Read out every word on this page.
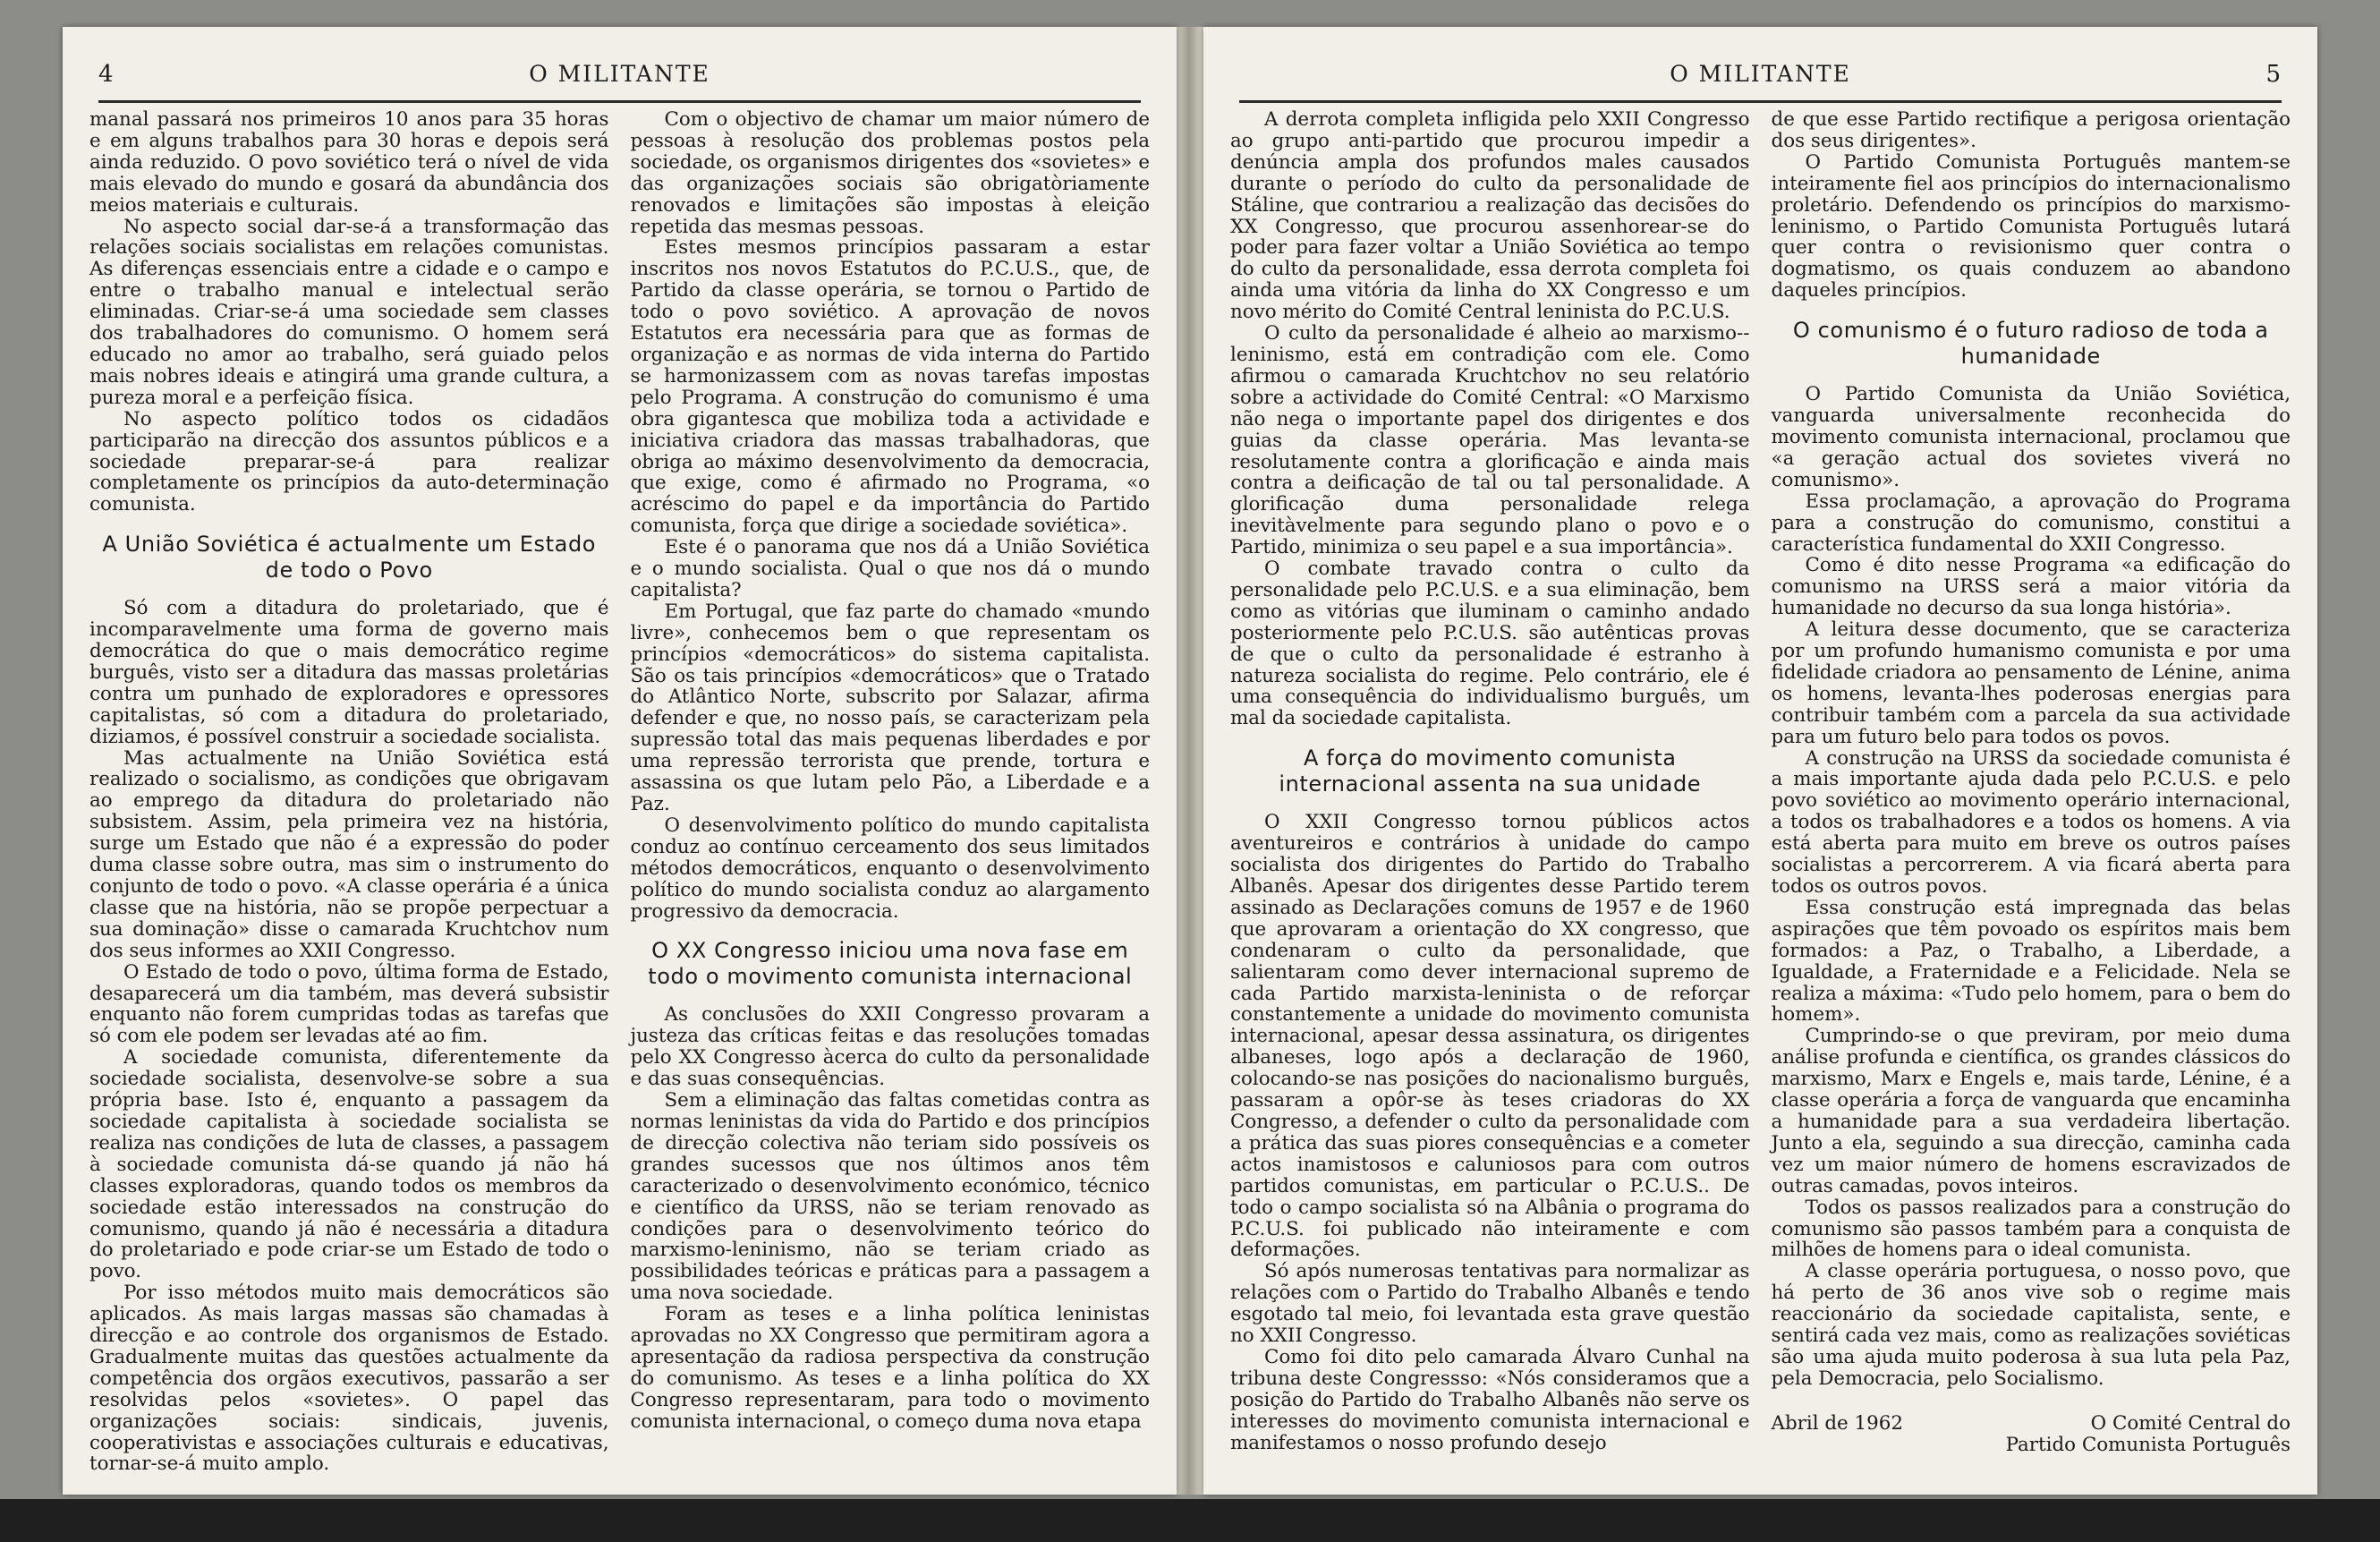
4	O MILITANTE

manal passará nos primeiros 10 anos para 35 horas e em alguns trabalhos para 30 horas e depois será ainda reduzido. O povo soviético terá o nível de vida mais elevado do mundo e gosará da abundância dos meios materiais e culturais.

No aspecto social dar-se-á a transformação das relações sociais socialistas em relações comunistas. As diferenças essenciais entre a cidade e o campo e entre o trabalho manual e intelectual serão eliminadas. Criar-se-á uma sociedade sem classes dos trabalhadores do comunismo. O homem será educado no amor ao trabalho, será guiado pelos mais nobres ideais e atingirá uma grande cultura, a pureza moral e a perfeição física.

No aspecto político todos os cidadãos participarão na direcção dos assuntos públicos e a sociedade preparar-se-á para realizar completamente os princípios da auto-determinação comunista.

A União Soviética é actualmente um Estado de todo o Povo

Só com a ditadura do proletariado, que é incomparavelmente uma forma de governo mais democrática do que o mais democrático regime burguês, visto ser a ditadura das massas proletárias contra um punhado de exploradores e opressores capitalistas, só com a ditadura do proletariado, diziamos, é possível construir a sociedade socialista.

Mas actualmente na União Soviética está realizado o socialismo, as condições que obrigavam ao emprego da ditadura do proletariado não subsistem. Assim, pela primeira vez na história, surge um Estado que não é a expressão do poder duma classe sobre outra, mas sim o instrumento do conjunto de todo o povo. «A classe operária é a única classe que na história, não se propõe perpectuar a sua dominação» disse o camarada Kruchtchov num dos seus informes ao XXII Congresso.

O Estado de todo o povo, última forma de Estado, desaparecerá um dia também, mas deverá subsistir enquanto não forem cumpridas todas as tarefas que só com ele podem ser levadas até ao fim.

A sociedade comunista, diferentemente da sociedade socialista, desenvolve-se sobre a sua própria base. Isto é, enquanto a passagem da sociedade capitalista à sociedade socialista se realiza nas condições de luta de classes, a passagem à sociedade comunista dá-se quando já não há classes exploradoras, quando todos os membros da sociedade estão interessados na construção do comunismo, quando já não é necessária a ditadura do proletariado e pode criar-se um Estado de todo o povo.

Por isso métodos muito mais democráticos são aplicados. As mais largas massas são chamadas à direcção e ao controle dos organismos de Estado. Gradualmente muitas das questões actualmente da competência dos orgãos executivos, passarão a ser resolvidas pelos «sovietes». O papel das organizações sociais: sindicais, juvenis, cooperativistas e associações culturais e educativas, tornar-se-á muito amplo.

Com o objectivo de chamar um maior número de pessoas à resolução dos problemas postos pela sociedade, os organismos dirigentes dos «sovietes» e das organizações sociais são obrigatòriamente renovados e limitações são impostas à eleição repetida das mesmas pessoas.

Estes mesmos princípios passaram a estar inscritos nos novos Estatutos do P.C.U.S., que, de Partido da classe operária, se tornou o Partido de todo o povo soviético. A aprovação de novos Estatutos era necessária para que as formas de organização e as normas de vida interna do Partido se harmonizassem com as novas tarefas impostas pelo Programa. A construção do comunismo é uma obra gigantesca que mobiliza toda a actividade e iniciativa criadora das massas trabalhadoras, que obriga ao máximo desenvolvimento da democracia, que exige, como é afirmado no Programa, «o acréscimo do papel e da importância do Partido comunista, força que dirige a sociedade soviética».

Este é o panorama que nos dá a União Soviética e o mundo socialista. Qual o que nos dá o mundo capitalista?

Em Portugal, que faz parte do chamado «mundo livre», conhecemos bem o que representam os princípios «democráticos» do sistema capitalista. São os tais princípios «democráticos» que o Tratado do Atlântico Norte, subscrito por Salazar, afirma defender e que, no nosso país, se caracterizam pela supressão total das mais pequenas liberdades e por uma repressão terrorista que prende, tortura e assassina os que lutam pelo Pão, a Liberdade e a Paz.

O desenvolvimento político do mundo capitalista conduz ao contínuo cerceamento dos seus limitados métodos democráticos, enquanto o desenvolvimento político do mundo socialista conduz ao alargamento progressivo da democracia.

O XX Congresso iniciou uma nova fase em todo o movimento comunista internacional

As conclusões do XXII Congresso provaram a justeza das críticas feitas e das resoluções tomadas pelo XX Congresso àcerca do culto da personalidade e das suas consequências.

Sem a eliminação das faltas cometidas contra as normas leninistas da vida do Partido e dos princípios de direcção colectiva não teriam sido possíveis os grandes sucessos que nos últimos anos têm caracterizado o desenvolvimento económico, técnico e científico da URSS, não se teriam renovado as condições para o desenvolvimento teórico do marxismo-leninismo, não se teriam criado as possibilidades teóricas e práticas para a passagem a uma nova sociedade.

Foram as teses e a linha política leninistas aprovadas no XX Congresso que permitiram agora a apresentação da radiosa perspectiva da construção do comunismo. As teses e a linha política do XX Congresso representaram, para todo o movimento comunista internacional, o começo duma nova etapa

O MILITANTE	5

A derrota completa infligida pelo XXII Congresso ao grupo anti-partido que procurou impedir a denúncia ampla dos profundos males causados durante o período do culto da personalidade de Stáline, que contrariou a realização das decisões do XX Congresso, que procurou assenhorear-se do poder para fazer voltar a União Soviética ao tempo do culto da personalidade, essa derrota completa foi ainda uma vitória da linha do XX Congresso e um novo mérito do Comité Central leninista do P.C.U.S.

O culto da personalidade é alheio ao marxismo--leninismo, está em contradição com ele. Como afirmou o camarada Kruchtchov no seu relatório sobre a actividade do Comité Central: «O Marxismo não nega o importante papel dos dirigentes e dos guias da classe operária. Mas levanta-se resolutamente contra a glorificação e ainda mais contra a deificação de tal ou tal personalidade. A glorificação duma personalidade relega inevitàvelmente para segundo plano o povo e o Partido, minimiza o seu papel e a sua importância».

O combate travado contra o culto da personalidade pelo P.C.U.S. e a sua eliminação, bem como as vitórias que iluminam o caminho andado posteriormente pelo P.C.U.S. são autênticas provas de que o culto da personalidade é estranho à natureza socialista do regime. Pelo contrário, ele é uma consequência do individualismo burguês, um mal da sociedade capitalista.

A força do movimento comunista internacional assenta na sua unidade

O XXII Congresso tornou públicos actos aventureiros e contrários à unidade do campo socialista dos dirigentes do Partido do Trabalho Albanês. Apesar dos dirigentes desse Partido terem assinado as Declarações comuns de 1957 e de 1960 que aprovaram a orientação do XX congresso, que condenaram o culto da personalidade, que salientaram como dever internacional supremo de cada Partido marxista-leninista o de reforçar constantemente a unidade do movimento comunista internacional, apesar dessa assinatura, os dirigentes albaneses, logo após a declaração de 1960, colocando-se nas posições do nacionalismo burguês, passaram a opôr-se às teses criadoras do XX Congresso, a defender o culto da personalidade com a prática das suas piores consequências e a cometer actos inamistosos e caluniosos para com outros partidos comunistas, em particular o P.C.U.S.. De todo o campo socialista só na Albânia o programa do P.C.U.S. foi publicado não inteiramente e com deformações.

Só após numerosas tentativas para normalizar as relações com o Partido do Trabalho Albanês e tendo esgotado tal meio, foi levantada esta grave questão no XXII Congresso.

Como foi dito pelo camarada Álvaro Cunhal na tribuna deste Congressso: «Nós consideramos que a posição do Partido do Trabalho Albanês não serve os interesses do movimento comunista internacional e manifestamos o nosso profundo desejo

de que esse Partido rectifique a perigosa orientação dos seus dirigentes».

O Partido Comunista Português mantem-se inteiramente fiel aos princípios do internacionalismo proletário. Defendendo os princípios do marxismo-leninismo, o Partido Comunista Português lutará quer contra o revisionismo quer contra o dogmatismo, os quais conduzem ao abandono daqueles princípios.

O comunismo é o futuro radioso de toda a humanidade

O Partido Comunista da União Soviética, vanguarda universalmente reconhecida do movimento comunista internacional, proclamou que «a geração actual dos sovietes viverá no comunismo».

Essa proclamação, a aprovação do Programa para a construção do comunismo, constitui a característica fundamental do XXII Congresso.

Como é dito nesse Programa «a edificação do comunismo na URSS será a maior vitória da humanidade no decurso da sua longa história».

A leitura desse documento, que se caracteriza por um profundo humanismo comunista e por uma fidelidade criadora ao pensamento de Lénine, anima os homens, levanta-lhes poderosas energias para contribuir também com a parcela da sua actividade para um futuro belo para todos os povos.

A construção na URSS da sociedade comunista é a mais importante ajuda dada pelo P.C.U.S. e pelo povo soviético ao movimento operário internacional, a todos os trabalhadores e a todos os homens. A via está aberta para muito em breve os outros países socialistas a percorrerem. A via ficará aberta para todos os outros povos.

Essa construção está impregnada das belas aspirações que têm povoado os espíritos mais bem formados: a Paz, o Trabalho, a Liberdade, a Igualdade, a Fraternidade e a Felicidade. Nela se realiza a máxima: «Tudo pelo homem, para o bem do homem».

Cumprindo-se o que previram, por meio duma análise profunda e científica, os grandes clássicos do marxismo, Marx e Engels e, mais tarde, Lénine, é a classe operária a força de vanguarda que encaminha a humanidade para a sua verdadeira libertação. Junto a ela, seguindo a sua direcção, caminha cada vez um maior número de homens escravizados de outras camadas, povos inteiros.

Todos os passos realizados para a construção do comunismo são passos também para a conquista de milhões de homens para o ideal comunista.

A classe operária portuguesa, o nosso povo, que há perto de 36 anos vive sob o regime mais reaccionário da sociedade capitalista, sente, e sentirá cada vez mais, como as realizações soviéticas são uma ajuda muito poderosa à sua luta pela Paz, pela Democracia, pelo Socialismo.

Abril de 1962	O Comité Central do
Partido Comunista Português
